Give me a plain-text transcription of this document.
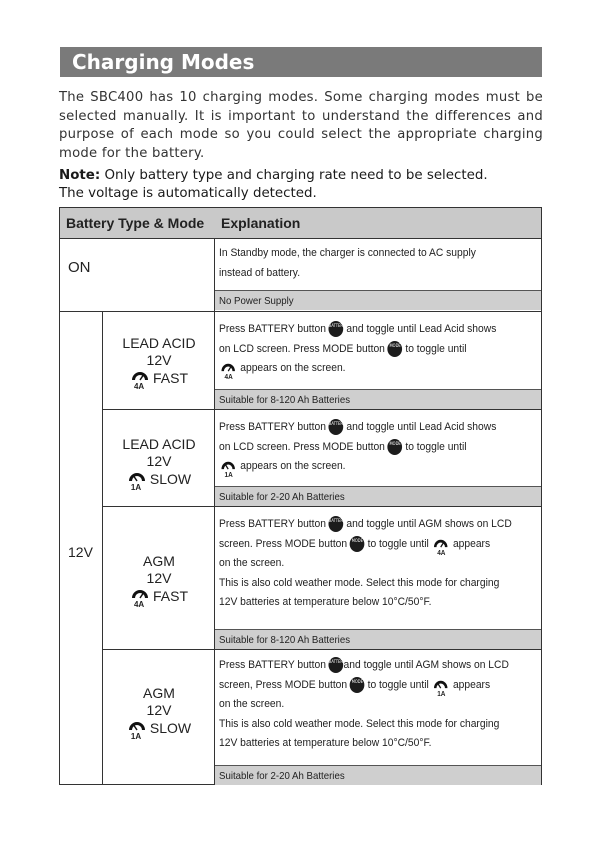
Charging Modes
The SBC400 has 10 charging modes. Some charging modes must be selected manually. It is important to understand the differences and purpose of each mode so you could select the appropriate charging mode for the battery.
Note: Only battery type and charging rate need to be selected.
The voltage is automatically detected.
Battery Type & Mode Explanation
ON
In Standby mode, the charger is connected to AC supply
instead of battery.
No Power Supply
12V
LEAD ACID
12V
4A
FAST
Press BATTERY button BATTERY and toggle until Lead Acid shows
on LCD screen. Press MODE button MODE to toggle until
4A
appears on the screen.
Suitable for 8-120 Ah Batteries
LEAD ACID
12V
1A
SLOW
Press BATTERY button BATTERY and toggle until Lead Acid shows
on LCD screen. Press MODE button MODE to toggle until
1A
appears on the screen.
Suitable for 2-20 Ah Batteries
AGM
12V
4A
FAST
Press BATTERY button BATTERY and toggle until AGM shows on LCD
screen. Press MODE button MODE to toggle until
4A
appears
on the screen.
This is also cold weather mode. Select this mode for charging
12V batteries at temperature below 10°C/50°F.
Suitable for 8-120 Ah Batteries
AGM
12V
1A
SLOW
Press BATTERY button BATTERYand toggle until AGM shows on LCD
screen, Press MODE button MODE to toggle until
1A
appears
on the screen.
This is also cold weather mode. Select this mode for charging
12V batteries at temperature below 10°C/50°F.
Suitable for 2-20 Ah Batteries
